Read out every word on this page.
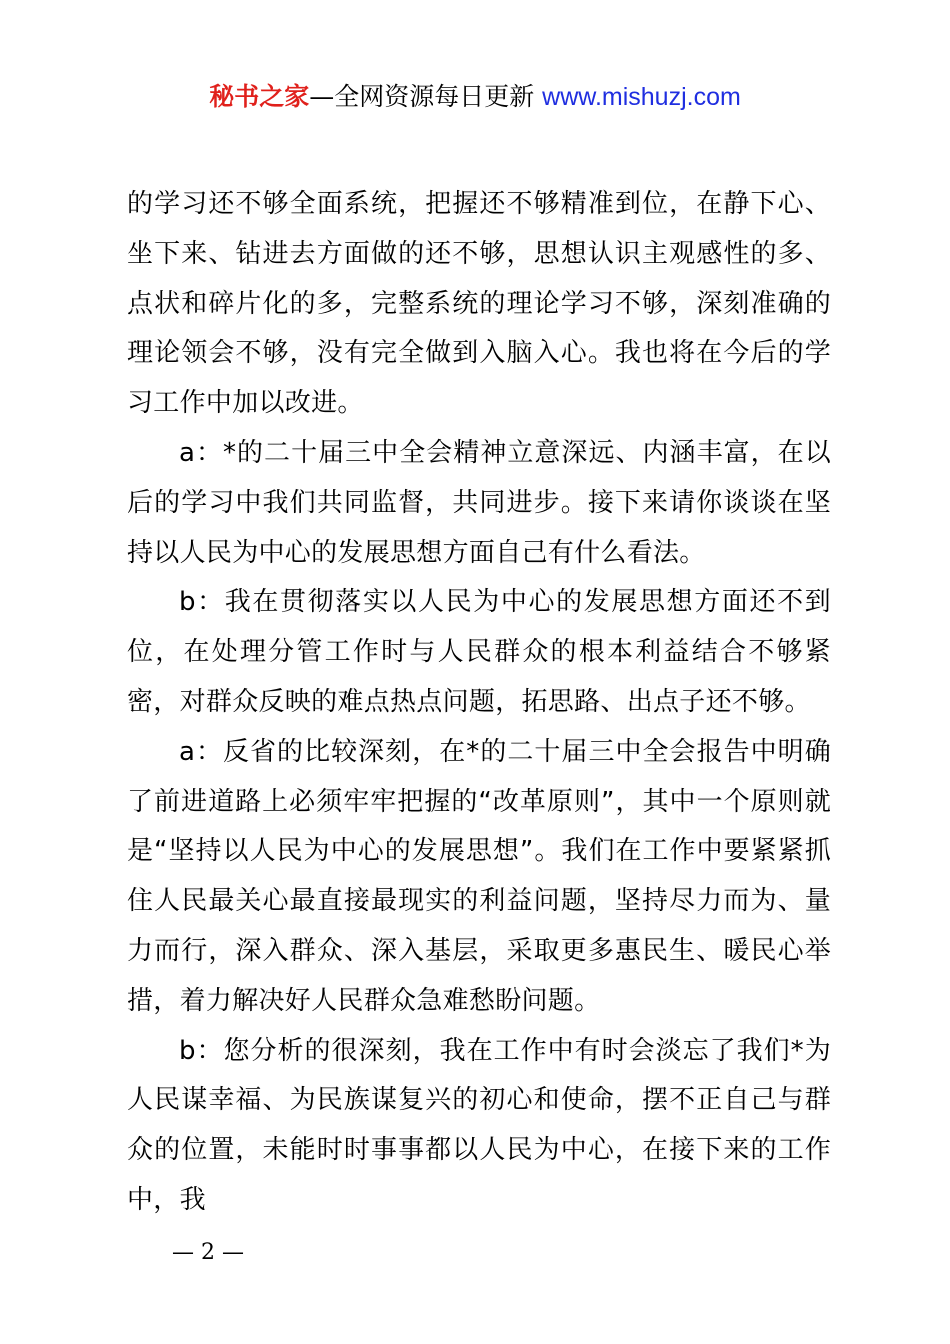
秘书之家—全网资源每日更新 www.mishuzj.com

的学习还不够全面系统，把握还不够精准到位，在静下心、坐下来、钻进去方面做的还不够，思想认识主观感性的多、点状和碎片化的多，完整系统的理论学习不够，深刻准确的理论领会不够，没有完全做到入脑入心。我也将在今后的学习工作中加以改进。

a：*的二十届三中全会精神立意深远、内涵丰富，在以后的学习中我们共同监督，共同进步。接下来请你谈谈在坚持以人民为中心的发展思想方面自己有什么看法。

b：我在贯彻落实以人民为中心的发展思想方面还不到位，在处理分管工作时与人民群众的根本利益结合不够紧密，对群众反映的难点热点问题，拓思路、出点子还不够。

a：反省的比较深刻，在*的二十届三中全会报告中明确了前进道路上必须牢牢把握的“改革原则”，其中一个原则就是“坚持以人民为中心的发展思想”。我们在工作中要紧紧抓住人民最关心最直接最现实的利益问题，坚持尽力而为、量力而行，深入群众、深入基层，采取更多惠民生、暖民心举措，着力解决好人民群众急难愁盼问题。

b：您分析的很深刻，我在工作中有时会淡忘了我们*为人民谋幸福、为民族谋复兴的初心和使命，摆不正自己与群众的位置，未能时时事事都以人民为中心，在接下来的工作中，我

— 2 —
